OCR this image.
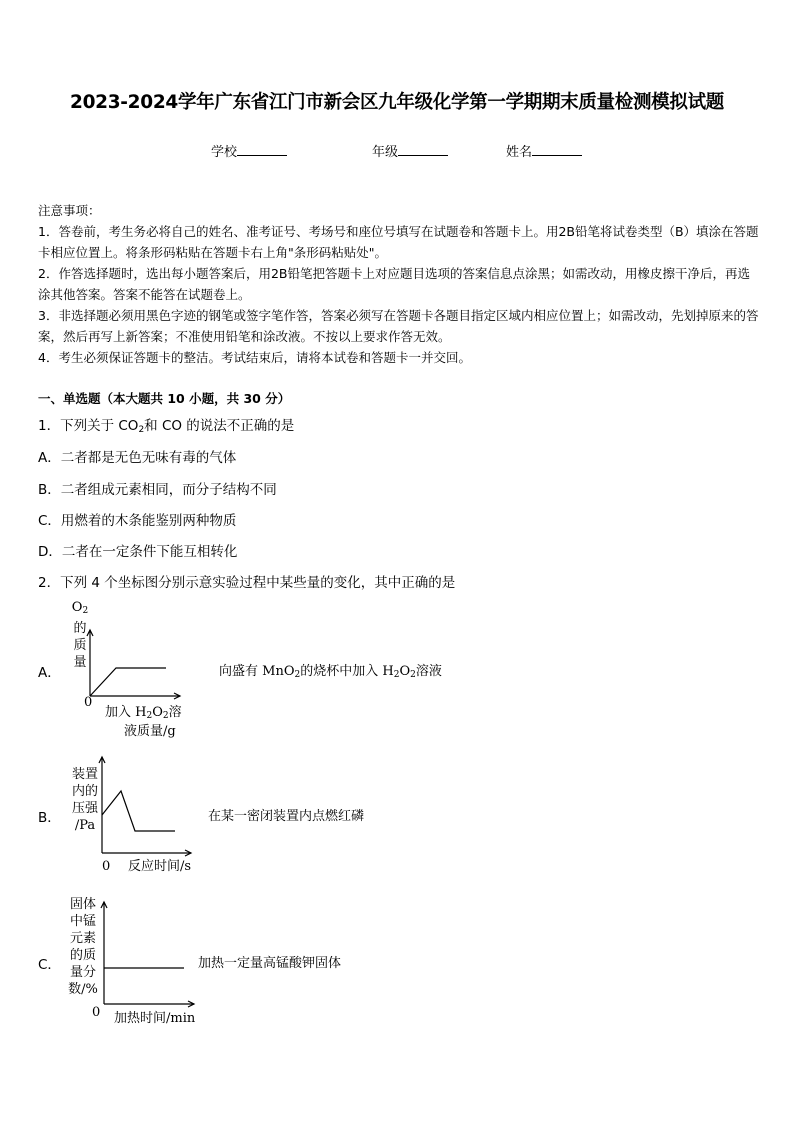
2023-2024学年广东省江门市新会区九年级化学第一学期期末质量检测模拟试题
学校	年级	姓名
注意事项：
1．答卷前，考生务必将自己的姓名、准考证号、考场号和座位号填写在试题卷和答题卡上。用2B铅笔将试卷类型（B）填涂在答题卡相应位置上。将条形码粘贴在答题卡右上角"条形码粘贴处"。
2．作答选择题时，选出每小题答案后，用2B铅笔把答题卡上对应题目选项的答案信息点涂黑；如需改动，用橡皮擦干净后，再选涂其他答案。答案不能答在试题卷上。
3．非选择题必须用黑色字迹的钢笔或签字笔作答，答案必须写在答题卡各题目指定区域内相应位置上；如需改动，先划掉原来的答案，然后再写上新答案；不准使用铅笔和涂改液。不按以上要求作答无效。
4．考生必须保证答题卡的整洁。考试结束后，请将本试卷和答题卡一并交回。
一、单选题（本大题共 10 小题，共 30 分）
1．下列关于 $CO_2$和 CO 的说法不正确的是
A．二者都是无色无味有毒的气体
B．二者组成元素相同，而分子结构不同
C．用燃着的木条能鉴别两种物质
D．二者在一定条件下能互相转化
2．下列 4 个坐标图分别示意实验过程中某些量的变化，其中正确的是
A．
$O_2$
的
质
量
0
加入 $H_2O_2$溶
液质量/g
向盛有 MnO$_2$的烧杯中加入 $H_2O_2$溶液
B．
装置
内的
压强
/Pa
0 反应时间/s
在某一密闭装置内点燃红磷
C．
固体
中锰
元素
的质
量分
数/%
0 加热时间/min
加热一定量高锰酸钾固体
